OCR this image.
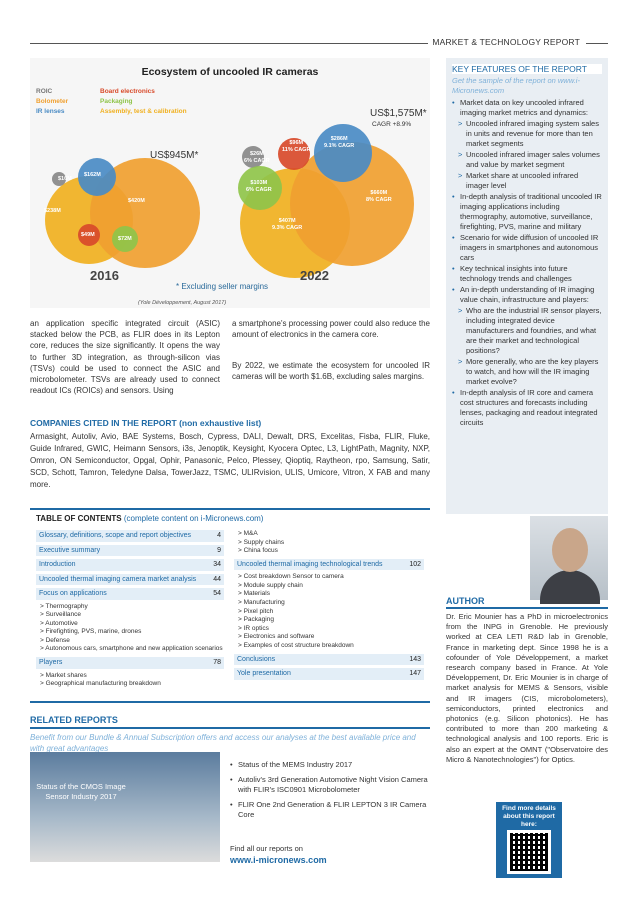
MARKET & TECHNOLOGY REPORT
Ecosystem of uncooled IR cameras
ROIC
Bolometer
IR lenses
Board electronics
Packaging
Assembly, test & calibration
$16M
$162M
$238M
$420M
$49M
$72M
US$945M*
2016
$26M
6% CAGR
$96M
11% CAGR
$286M
9.1% CAGR
$103M
6% CAGR
$407M
9.3% CAGR
$660M
8% CAGR
US$1,575M*
CAGR +8.9%
2022
* Excluding seller margins
(Yole Développement, August 2017)
an application specific integrated circuit (ASIC) stacked below the PCB, as FLIR does in its Lepton core, reduces the size significantly. It opens the way to further 3D integration, as through-silicon vias (TSVs) could be used to connect the ASIC and microbolometer. TSVs are already used to connect readout ICs (ROICs) and sensors. Using
a smartphone's processing power could also reduce the amount of electronics in the camera core.
By 2022, we estimate the ecosystem for uncooled IR cameras will be worth $1.6B, excluding sales margins.
COMPANIES CITED IN THE REPORT (non exhaustive list)
Armasight, Autoliv, Avio, BAE Systems, Bosch, Cypress, DALI, Dewalt, DRS, Excelitas, Fisba, FLIR, Fluke, Guide Infrared, GWIC, Heimann Sensors, i3s, Jenoptik, Keysight, Kyocera Optec, L3, LightPath, Magnity, NXP, Omron, ON Semiconductor, Opgal, Ophir, Panasonic, Pelco, Plessey, Qioptiq, Raytheon, rpo, Samsung, Satir, SCD, Schott, Tamron, Teledyne Dalsa, TowerJazz, TSMC, ULIRvision, ULIS, Umicore, Vitron, X FAB and many more.
TABLE OF CONTENTS (complete content on i-Micronews.com)
Glossary, definitions, scope and report objectives	4
Executive summary	9
Introduction	34
Uncooled thermal imaging camera market analysis 44
Focus on applications	54
> Thermography
> Surveillance
> Automotive
> Firefighting, PVS, marine, drones
> Defense
> Autonomous cars, smartphone and new application scenarios
Players	78
> Market shares
> Geographical manufacturing breakdown
> M&A
> Supply chains
> China focus
Uncooled thermal imaging technological trends	102
> Cost breakdown Sensor to camera
> Module supply chain
> Materials
> Manufacturing
> Pixel pitch
> Packaging
> IR optics
> Electronics and software
> Examples of cost structure breakdown
Conclusions	143
Yole presentation	147
RELATED REPORTS
Benefit from our Bundle & Annual Subscription offers and access our analyses at the best available price and with great advantages
Status of the CMOS Image Sensor Industry 2017
• Status of the MEMS Industry 2017
• Autoliv's 3rd Generation Automotive Night Vision Camera with FLIR's ISC0901 Microbolometer
• FLIR One 2nd Generation & FLIR LEPTON 3 IR Camera Core
Find all our reports on
www.i-micronews.com
KEY FEATURES OF THE REPORT
Get the sample of the report on www.i-Micronews.com
• Market data on key uncooled infrared imaging market metrics and dynamics:
> Uncooled infrared imaging system sales in units and revenue for more than ten market segments
> Uncooled infrared imager sales volumes and value by market segment
> Market share at uncooled infrared imager level
• In-depth analysis of traditional uncooled IR imaging applications including thermography, automotive, surveillance, firefighting, PVS, marine and military
• Scenario for wide diffusion of uncooled IR imagers in smartphones and autonomous cars
• Key technical insights into future technology trends and challenges
• An in-depth understanding of IR imaging value chain, infrastructure and players:
> Who are the industrial IR sensor players, including integrated device manufacturers and foundries, and what are their market and technological positions?
> More generally, who are the key players to watch, and how will the IR imaging market evolve?
• In-depth analysis of IR core and camera cost structures and forecasts including lenses, packaging and readout integrated circuits
AUTHOR
Dr. Eric Mounier has a PhD in microelectronics from the INPG in Grenoble. He previously worked at CEA LETI R&D lab in Grenoble, France in marketing dept. Since 1998 he is a cofounder of Yole Développement, a market research company based in France. At Yole Développement, Dr. Eric Mounier is in charge of market analysis for MEMS & Sensors, visible and IR imagers (CIS, microbolometers), semiconductors, printed electronics and photonics (e.g. Silicon photonics). He has contributed to more than 200 marketing & technological analysis and 100 reports. Eric is also an expert at the OMNT ("Observatoire des Micro & Nanotechnologies") for Optics.
Find more details about this report here:
